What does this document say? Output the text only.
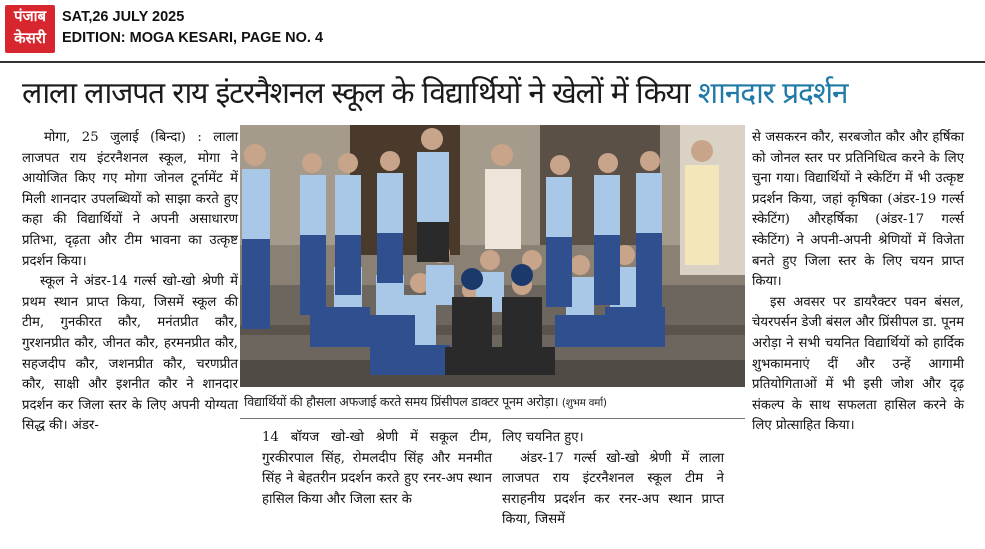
पंजाब
केसरी
SAT,26 JULY 2025
EDITION: MOGA KESARI, PAGE NO. 4
लाला लाजपत राय इंटरनैशनल स्कूल के विद्यार्थियों ने खेलों में किया शानदार प्रदर्शन

मोगा, 25 जुलाई (बिन्दा) : लाला लाजपत राय इंटरनैशनल स्कूल, मोगा ने आयोजित किए गए मोगा जोनल टूर्नामेंट में मिली शानदार उपलब्धियों को साझा करते हुए कहा की विद्यार्थियों ने अपनी असाधारण प्रतिभा, दृढ़ता और टीम भावना का उत्कृष्ट प्रदर्शन किया।

स्कूल ने अंडर-14 गर्ल्स खो-खो श्रेणी में प्रथम स्थान प्राप्त किया, जिसमें स्कूल की टीम, गुनकीरत कौर, मनंतप्रीत कौर, गुरशनप्रीत कौर, जीनत कौर, हरमनप्रीत कौर, सहजदीप कौर, जशनप्रीत कौर, चरणप्रीत कौर, साक्षी और इशनीत कौर ने शानदार प्रदर्शन कर जिला स्तर के लिए अपनी योग्यता सिद्ध की। अंडर-

विद्यार्थियों की हौसला अफजाई करते समय प्रिंसीपल डाक्टर पूनम अरोड़ा। (शुभम वर्मा)

14 बॉयज खो-खो श्रेणी में सकूल टीम, गुरकीरपाल सिंह, रोमलदीप सिंह और मनमीत सिंह ने बेहतरीन प्रदर्शन करते हुए रनर-अप स्थान हासिल किया और जिला स्तर के

लिए चयनित हुए।

अंडर-17 गर्ल्स खो-खो श्रेणी में लाला लाजपत राय इंटरनैशनल स्कूल टीम ने सराहनीय प्रदर्शन कर रनर-अप स्थान प्राप्त किया, जिसमें

से जसकरन कौर, सरबजोत कौर और हर्षिका को जोनल स्तर पर प्रतिनिधित्व करने के लिए चुना गया। विद्यार्थियों ने स्केटिंग में भी उत्कृष्ट प्रदर्शन किया, जहां कृषिका (अंडर-19 गर्ल्स स्केटिंग) औरहर्षिका (अंडर-17 गर्ल्स स्केटिंग) ने अपनी-अपनी श्रेणियों में विजेता बनते हुए जिला स्तर के लिए चयन प्राप्त किया।

इस अवसर पर डायरैक्टर पवन बंसल, चेयरपर्सन डेजी बंसल और प्रिंसीपल डा. पूनम अरोड़ा ने सभी चयनित विद्यार्थियों को हार्दिक शुभकामनाएं दीं और उन्हें आगामी प्रतियोगिताओं में भी इसी जोश और दृढ़ संकल्प के साथ सफलता हासिल करने के लिए प्रोत्साहित किया।
